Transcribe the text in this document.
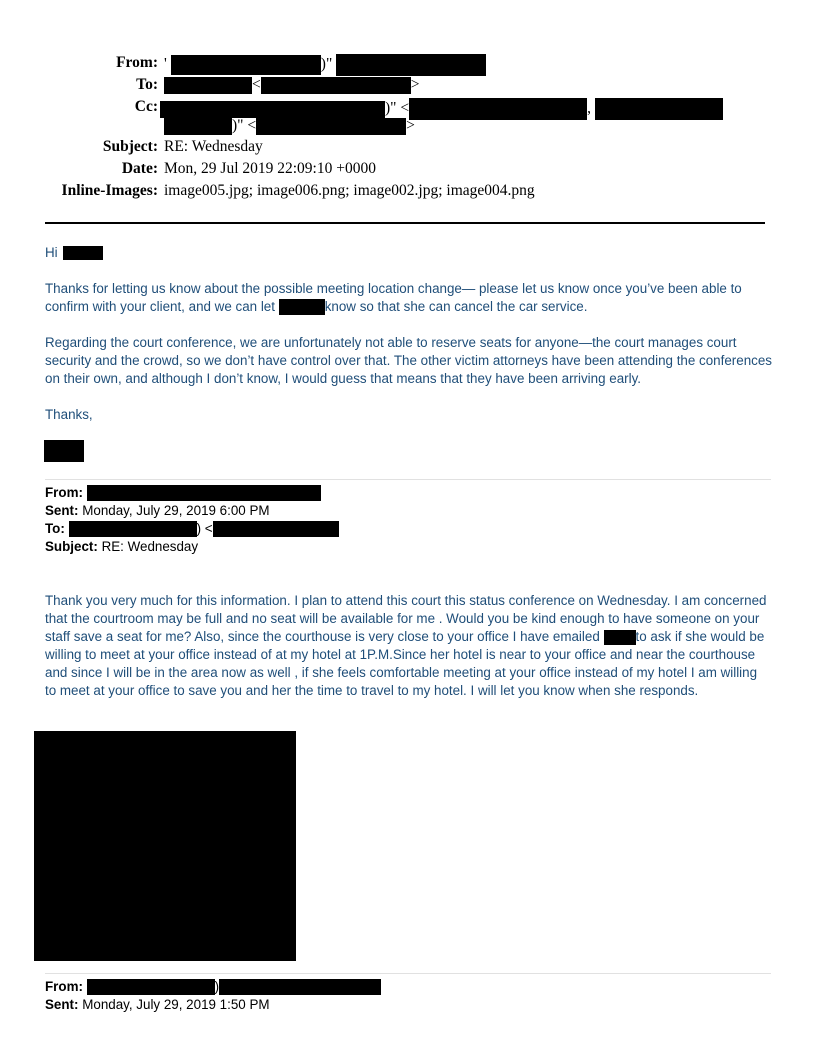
From: '	)"
To:	<	>
Cc:	)" <	,
)" <	>
Subject: RE: Wednesday
Date: Mon, 29 Jul 2019 22:09:10 +0000
Inline-Images: image005.jpg; image006.png; image002.jpg; image004.png
Hi
Thanks for letting us know about the possible meeting location change— please let us know once you’ve been able to confirm with your client, and we can let	know so that she can cancel the car service.
Regarding the court conference, we are unfortunately not able to reserve seats for anyone—the court manages court security and the crowd, so we don’t have control over that. The other victim attorneys have been attending the conferences on their own, and although I don’t know, I would guess that means that they have been arriving early.
Thanks,
From:
Sent: Monday, July 29, 2019 6:00 PM
To:	) <
Subject: RE: Wednesday
Thank you very much for this information. I plan to attend this court this status conference on Wednesday. I am concerned that the courtroom may be full and no seat will be available for me . Would you be kind enough to have someone on your staff save a seat for me? Also, since the courthouse is very close to your office I have emailed	to ask if she would be willing to meet at your office instead of at my hotel at 1P.M.Since her hotel is near to your office and near the courthouse and since I will be in the area now as well , if she feels comfortable meeting at your office instead of my hotel I am willing to meet at your office to save you and her the time to travel to my hotel. I will let you know when she responds.
From:	)
Sent: Monday, July 29, 2019 1:50 PM
